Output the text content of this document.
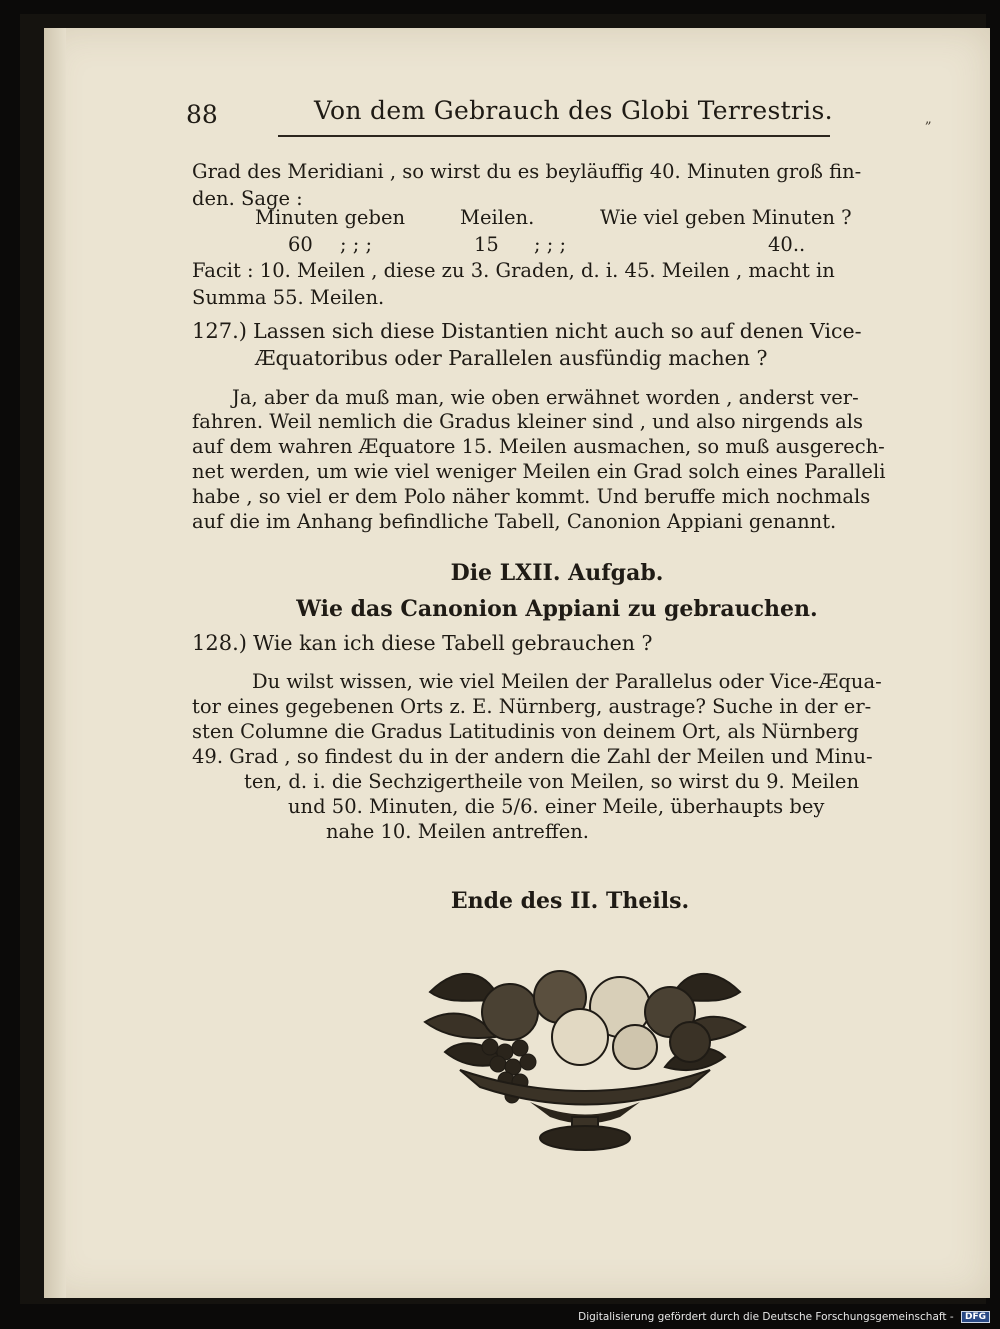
88	Von dem Gebrauch des Globi Terrestris.	„
Grad des Meridiani , so wirst du es beyläuffig 40. Minuten groß fin-
den. Sage :
Minuten geben	Meilen.	Wie viel geben Minuten ?
60 ; ; ;	15 ; ; ;	40..
Facit : 10. Meilen , diese zu 3. Graden, d. i. 45. Meilen , macht in
Summa 55. Meilen.
127.) Lassen sich diese Distantien nicht auch so auf denen Vice-
Æquatoribus oder Parallelen ausfündig machen ?
Ja, aber da muß man, wie oben erwähnet worden , anderst ver-
fahren. Weil nemlich die Gradus kleiner sind , und also nirgends als
auf dem wahren Æquatore 15. Meilen ausmachen, so muß ausgerech-
net werden, um wie viel weniger Meilen ein Grad solch eines Paralleli
habe , so viel er dem Polo näher kommt. Und beruffe mich nochmals
auf die im Anhang befindliche Tabell, Canonion Appiani genannt.
Die LXII. Aufgab.
Wie das Canonion Appiani zu gebrauchen.
128.) Wie kan ich diese Tabell gebrauchen ?
Du wilst wissen, wie viel Meilen der Parallelus oder Vice-Æqua-
tor eines gegebenen Orts z. E. Nürnberg, austrage? Suche in der er-
sten Columne die Gradus Latitudinis von deinem Ort, als Nürnberg
49. Grad , so findest du in der andern die Zahl der Meilen und Minu-
ten, d. i. die Sechzigertheile von Meilen, so wirst du 9. Meilen
und 50. Minuten, die 5/6. einer Meile, überhaupts bey
nahe 10. Meilen antreffen.
Ende des II. Theils.
Digitalisierung gefördert durch die Deutsche Forschungsgemeinschaft - DFG
